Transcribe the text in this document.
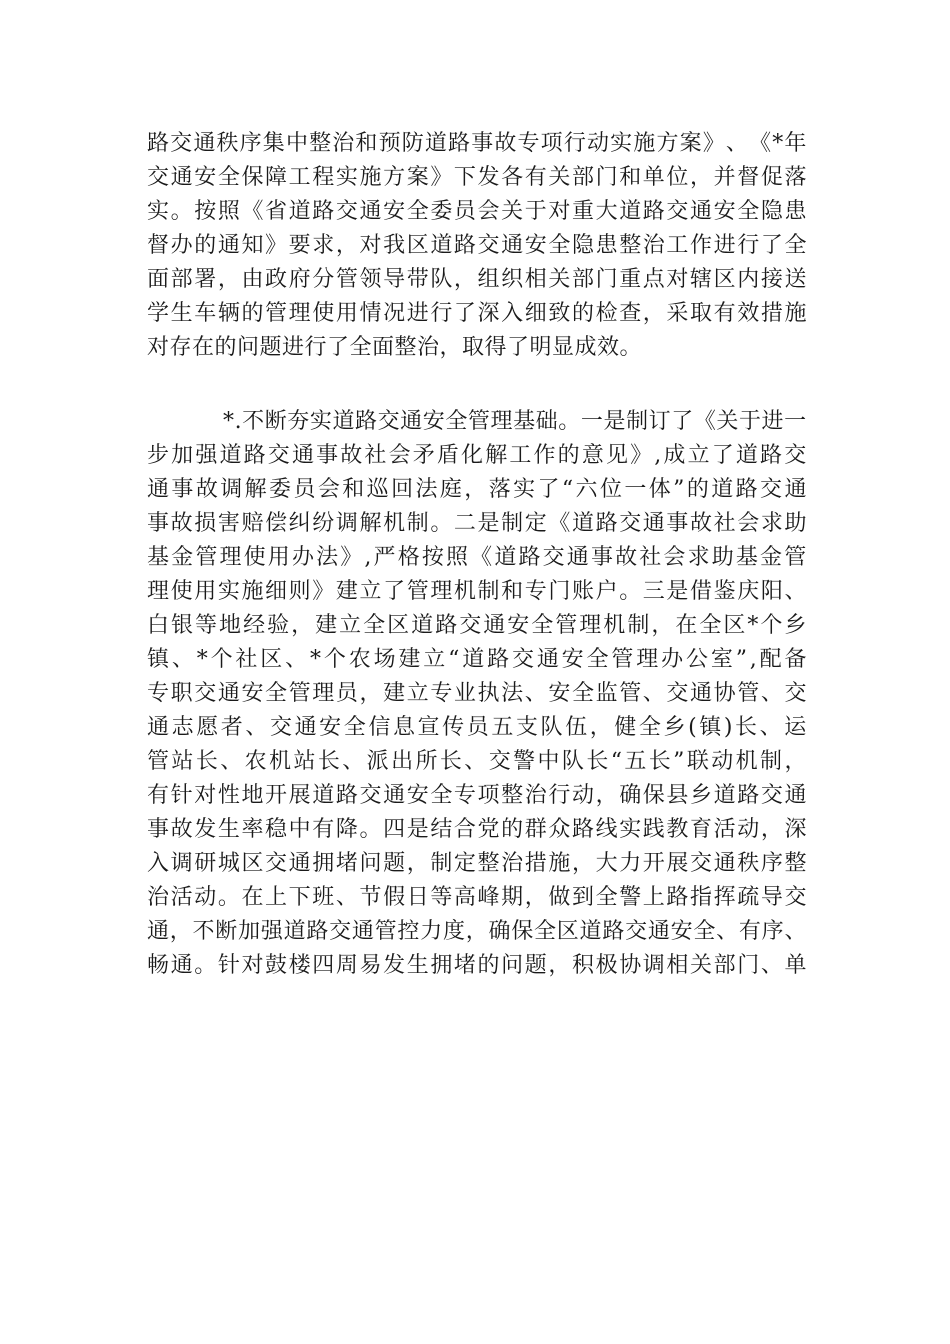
路 交 通 秩 序 集 中 整 治 和 预 防 道 路 事 故 专 项 行 动 实 施 方 案 》 、 《 * 年
交 通 安 全 保 障 工 程 实 施 方 案 》 下 发 各 有 关 部 门 和 单 位 ， 并 督 促 落
实 。 按 照 《 省 道 路 交 通 安 全 委 员 会 关 于 对 重 大 道 路 交 通 安 全 隐 患
督 办 的 通 知 》 要 求 ， 对 我 区 道 路 交 通 安 全 隐 患 整 治 工 作 进 行 了 全
面 部 署 ， 由 政 府 分 管 领 导 带 队 ， 组 织 相 关 部 门 重 点 对 辖 区 内 接 送
学 生 车 辆 的 管 理 使 用 情 况 进 行 了 深 入 细 致 的 检 查 ， 采 取 有 效 措 施
对存在的问题进行了全面整治，取得了明显成效。
* . 不 断 夯 实 道 路 交 通 安 全 管 理 基 础 。 一 是 制 订 了 《 关 于 进 一
步 加 强 道 路 交 通 事 故 社 会 矛 盾 化 解 工 作 的 意 见 》 , 成 立 了 道 路 交
通 事 故 调 解 委 员 会 和 巡 回 法 庭 ， 落 实 了 “ 六 位 一 体 ” 的 道 路 交 通
事 故 损 害 赔 偿 纠 纷 调 解 机 制 。 二 是 制 定 《 道 路 交 通 事 故 社 会 求 助
基 金 管 理 使 用 办 法 》 , 严 格 按 照 《 道 路 交 通 事 故 社 会 求 助 基 金 管
理 使 用 实 施 细 则 》 建 立 了 管 理 机 制 和 专 门 账 户 。 三 是 借 鉴 庆 阳 、
白 银 等 地 经 验 ， 建 立 全 区 道 路 交 通 安 全 管 理 机 制 ， 在 全 区 * 个 乡
镇 、 * 个 社 区 、 * 个 农 场 建 立 “ 道 路 交 通 安 全 管 理 办 公 室 ” , 配 备
专 职 交 通 安 全 管 理 员 ， 建 立 专 业 执 法 、 安 全 监 管 、 交 通 协 管 、 交
通 志 愿 者 、 交 通 安 全 信 息 宣 传 员 五 支 队 伍 ， 健 全 乡 ( 镇 ) 长 、 运
管 站 长 、 农 机 站 长 、 派 出 所 长 、 交 警 中 队 长 “ 五 长 ” 联 动 机 制 ，
有 针 对 性 地 开 展 道 路 交 通 安 全 专 项 整 治 行 动 ， 确 保 县 乡 道 路 交 通
事 故 发 生 率 稳 中 有 降 。 四 是 结 合 党 的 群 众 路 线 实 践 教 育 活 动 ， 深
入 调 研 城 区 交 通 拥 堵 问 题 ， 制 定 整 治 措 施 ， 大 力 开 展 交 通 秩 序 整
治 活 动 。 在 上 下 班 、 节 假 日 等 高 峰 期 ， 做 到 全 警 上 路 指 挥 疏 导 交
通 ， 不 断 加 强 道 路 交 通 管 控 力 度 ， 确 保 全 区 道 路 交 通 安 全 、 有 序 、
畅 通 。 针 对 鼓 楼 四 周 易 发 生 拥 堵 的 问 题 ， 积 极 协 调 相 关 部 门 、 单
